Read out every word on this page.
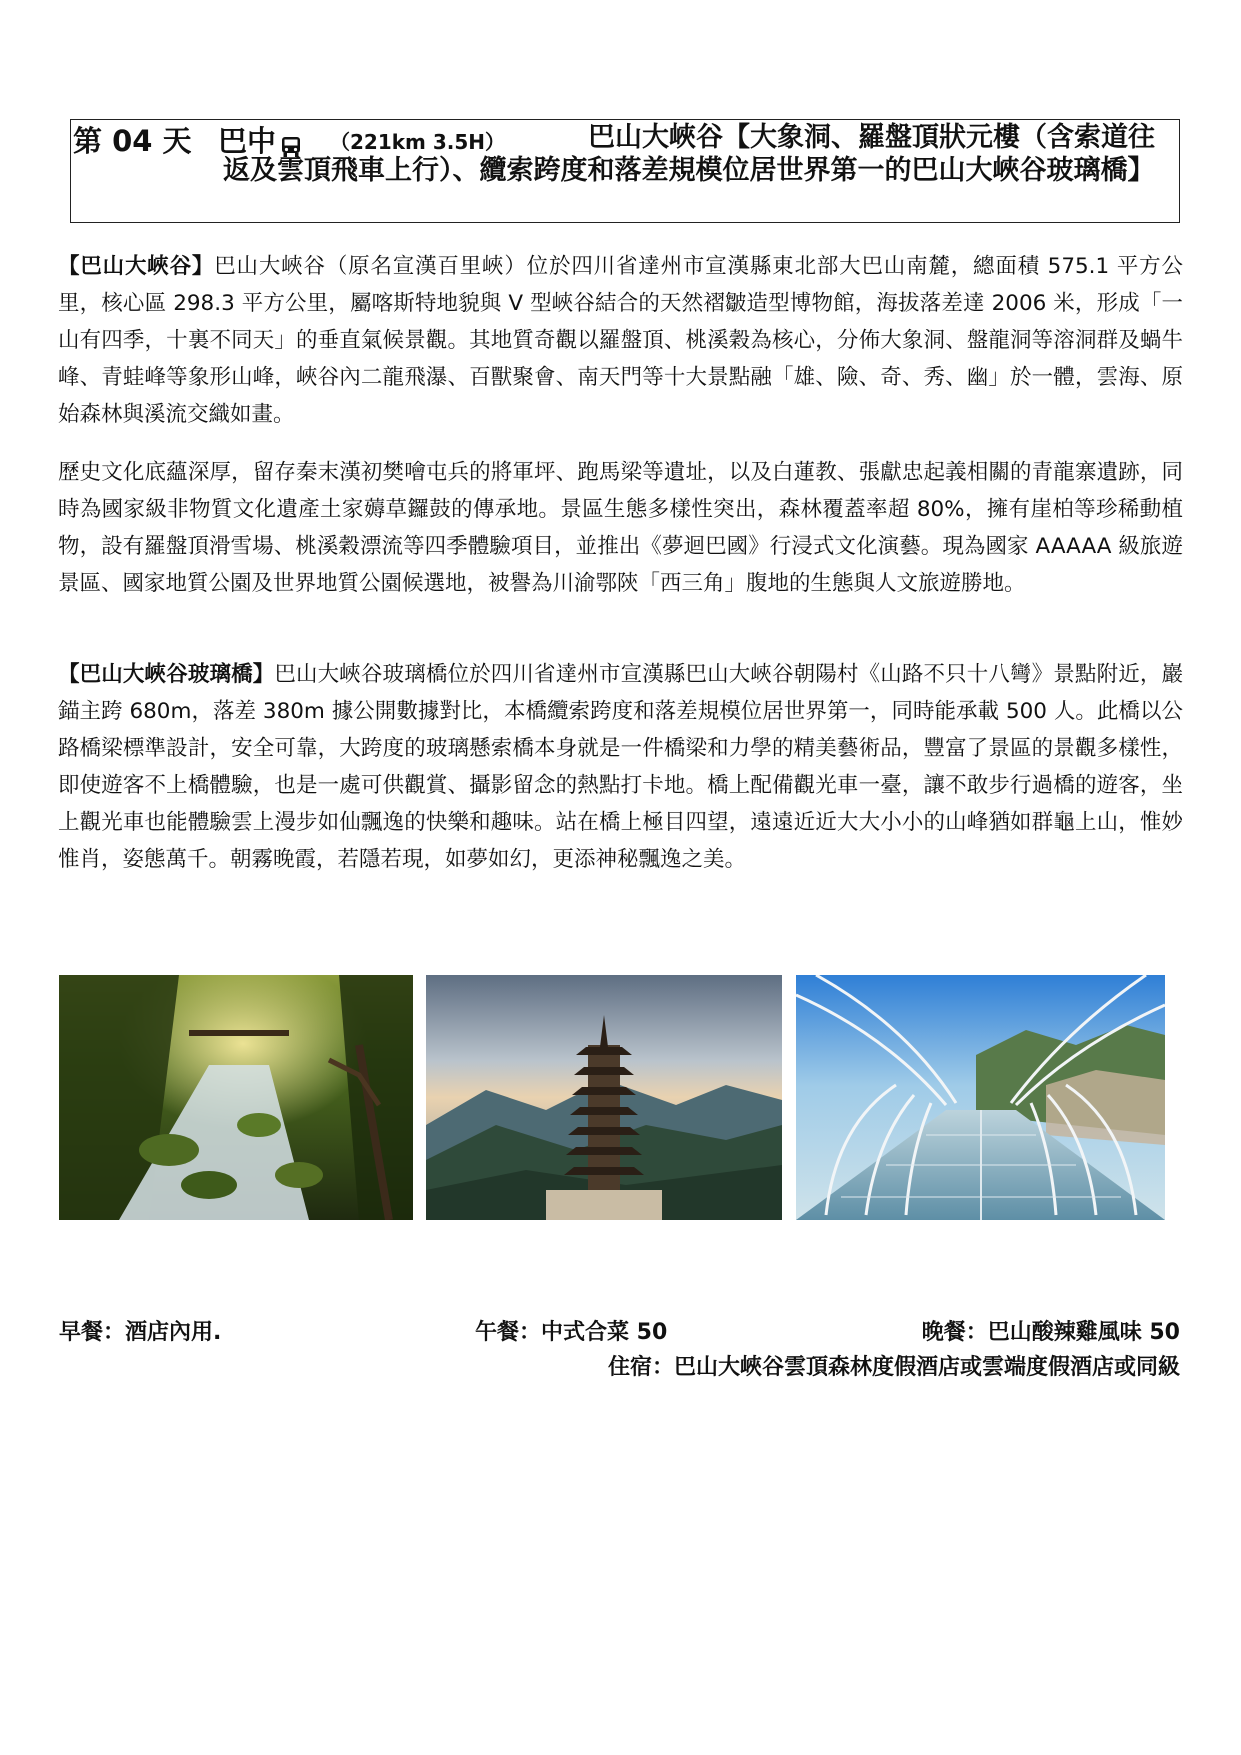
第 04 天 巴中	（221km 3.5H）	巴山大峽谷【大象洞、羅盤頂狀元樓（含索道往返及雲頂飛車上行）、纜索跨度和落差規模位居世界第一的巴山大峽谷玻璃橋】

【巴山大峽谷】巴山大峽谷（原名宣漢百里峽）位於四川省達州市宣漢縣東北部大巴山南麓，總面積 575.1 平方公里，核心區 298.3 平方公里，屬喀斯特地貌與 V 型峽谷結合的天然褶皺造型博物館，海拔落差達 2006 米，形成「一山有四季，十裏不同天」的垂直氣候景觀。其地質奇觀以羅盤頂、桃溪穀為核心，分佈大象洞、盤龍洞等溶洞群及蝸牛峰、青蛙峰等象形山峰，峽谷內二龍飛瀑、百獸聚會、南天門等十大景點融「雄、險、奇、秀、幽」於一體，雲海、原始森林與溪流交織如畫。

歷史文化底蘊深厚，留存秦末漢初樊噲屯兵的將軍坪、跑馬梁等遺址，以及白蓮教、張獻忠起義相關的青龍寨遺跡，同時為國家級非物質文化遺產土家薅草鑼鼓的傳承地。景區生態多樣性突出，森林覆蓋率超 80%，擁有崖柏等珍稀動植物，設有羅盤頂滑雪場、桃溪穀漂流等四季體驗項目，並推出《夢迴巴國》行浸式文化演藝。現為國家 AAAAA 級旅遊景區、國家地質公園及世界地質公園候選地，被譽為川渝鄂陝「西三角」腹地的生態與人文旅遊勝地。

【巴山大峽谷玻璃橋】巴山大峽谷玻璃橋位於四川省達州市宣漢縣巴山大峽谷朝陽村《山路不只十八彎》景點附近，巖錨主跨 680m，落差 380m 據公開數據對比，本橋纜索跨度和落差規模位居世界第一，同時能承載 500 人。此橋以公路橋梁標準設計，安全可靠，大跨度的玻璃懸索橋本身就是一件橋梁和力學的精美藝術品，豐富了景區的景觀多樣性，即使遊客不上橋體驗，也是一處可供觀賞、攝影留念的熱點打卡地。橋上配備觀光車一臺，讓不敢步行過橋的遊客，坐上觀光車也能體驗雲上漫步如仙飄逸的快樂和趣味。站在橋上極目四望，遠遠近近大大小小的山峰猶如群龜上山，惟妙惟肖，姿態萬千。朝霧晚霞，若隱若現，如夢如幻，更添神秘飄逸之美。

早餐：酒店內用.	午餐：中式合菜 50	晚餐：巴山酸辣雞風味 50
住宿：巴山大峽谷雲頂森林度假酒店或雲端度假酒店或同級
